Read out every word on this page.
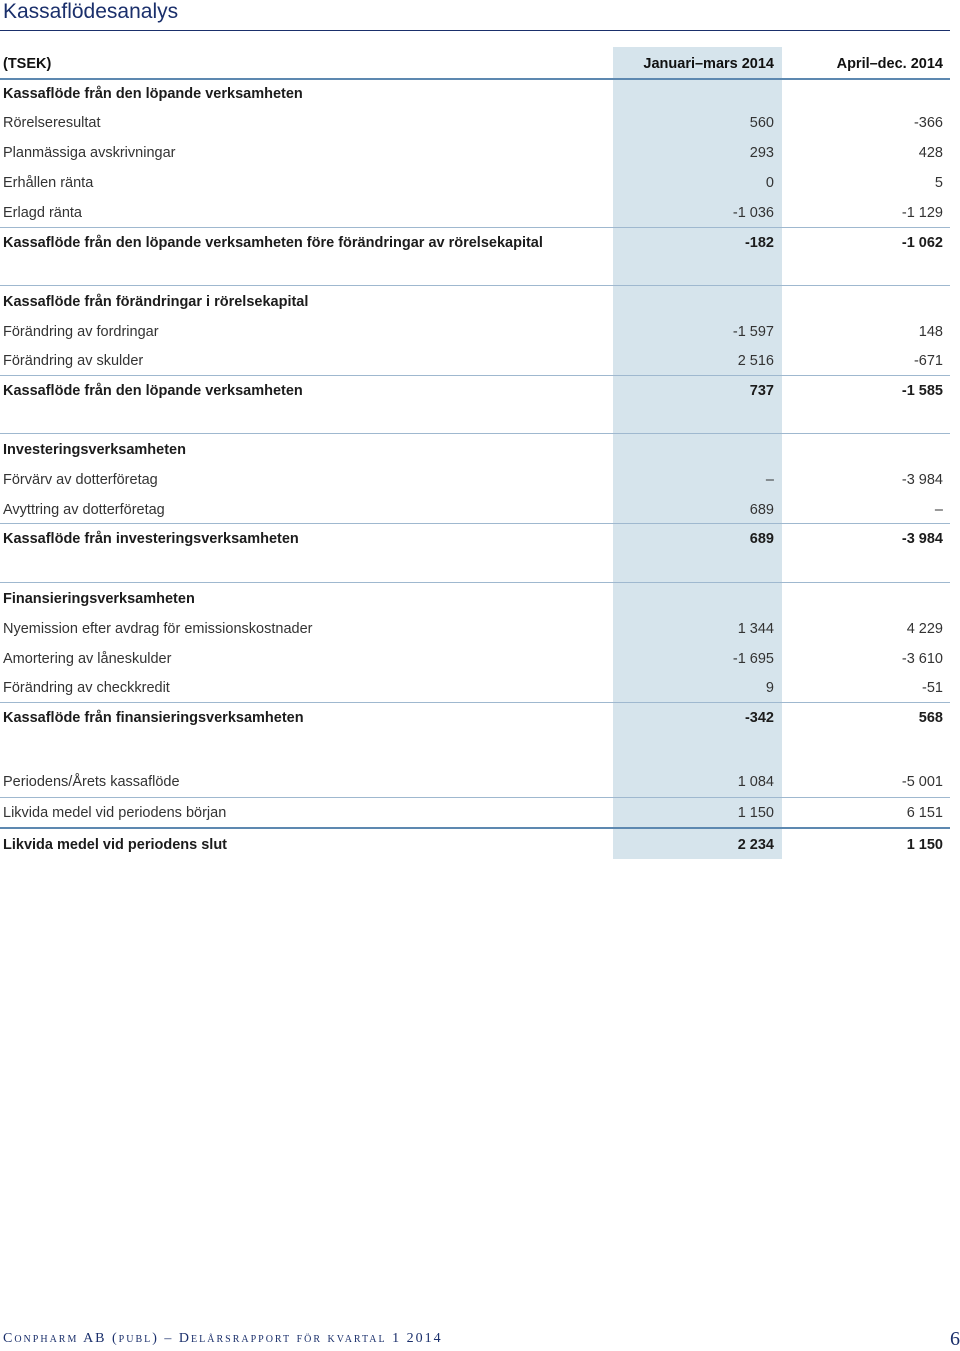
Kassaflödesanalys
(TSEK)	Januari–mars 2014	April–dec. 2014
Kassaflöde från den löpande verksamheten
Rörelseresultat	560	-366
Planmässiga avskrivningar	293	428
Erhållen ränta	0	5
Erlagd ränta	-1 036	-1 129
Kassaflöde från den löpande verksamheten före förändringar av rörelsekapital	-182	-1 062
Kassaflöde från förändringar i rörelsekapital
Förändring av fordringar	-1 597	148
Förändring av skulder	2 516	-671
Kassaflöde från den löpande verksamheten	737	-1 585
Investeringsverksamheten
Förvärv av dotterföretag	–	-3 984
Avyttring av dotterföretag	689	–
Kassaflöde från investeringsverksamheten	689	-3 984
Finansieringsverksamheten
Nyemission efter avdrag för emissionskostnader	1 344	4 229
Amortering av låneskulder	-1 695	-3 610
Förändring av checkkredit	9	-51
Kassaflöde från finansieringsverksamheten	-342	568
Periodens/Årets kassaflöde	1 084	-5 001
Likvida medel vid periodens början	1 150	6 151
Likvida medel vid periodens slut	2 234	1 150
Conpharm AB (publ) – Delårsrapport för kvartal 1 2014	6
